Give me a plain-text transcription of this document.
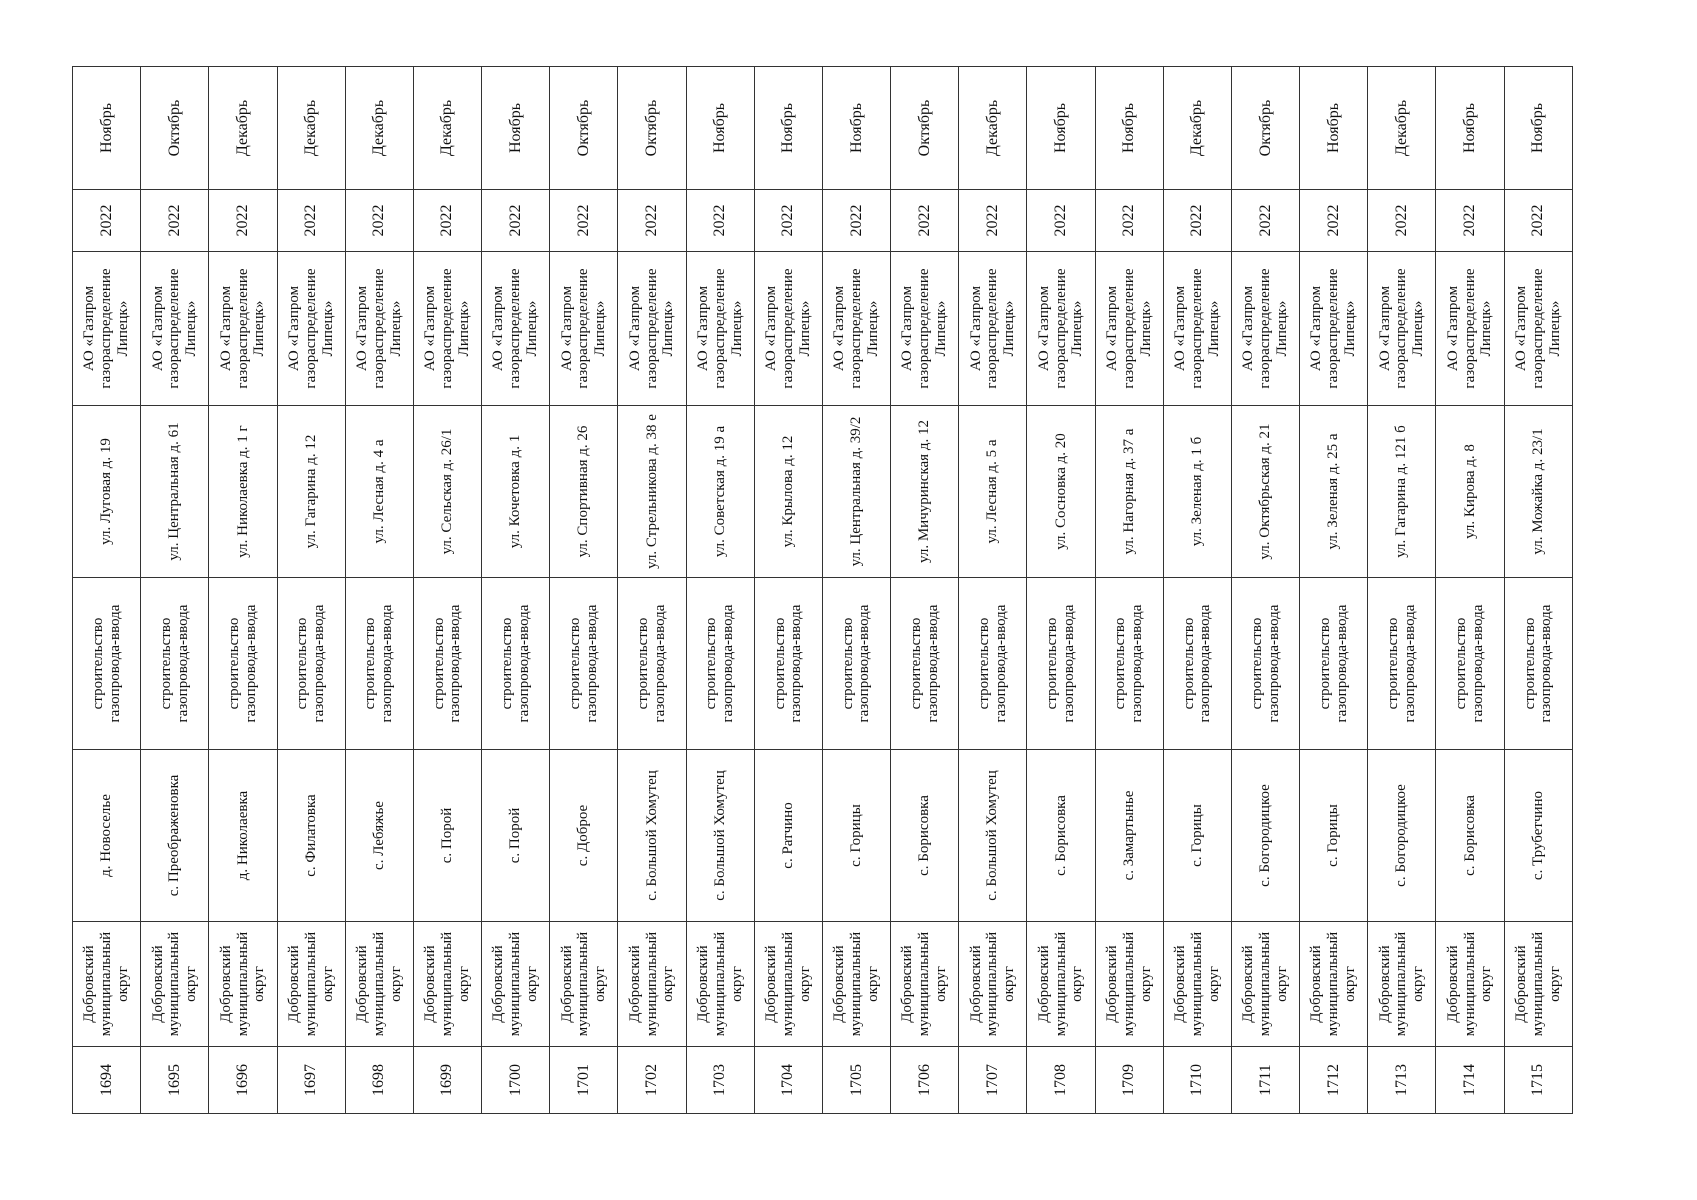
1694	Добровский муниципальный округ	д. Новоселье	строительство газопровода-ввода	ул. Луговая д. 19	АО «Газпром газораспределение Липецк»	2022	Ноябрь
1695	Добровский муниципальный округ	с. Преображеновка	строительство газопровода-ввода	ул. Центральная д. 61	АО «Газпром газораспределение Липецк»	2022	Октябрь
1696	Добровский муниципальный округ	д. Николаевка	строительство газопровода-ввода	ул. Николаевка д. 1 г	АО «Газпром газораспределение Липецк»	2022	Декабрь
1697	Добровский муниципальный округ	с. Филатовка	строительство газопровода-ввода	ул. Гагарина д. 12	АО «Газпром газораспределение Липецк»	2022	Декабрь
1698	Добровский муниципальный округ	с. Лебяжье	строительство газопровода-ввода	ул. Лесная д. 4 а	АО «Газпром газораспределение Липецк»	2022	Декабрь
1699	Добровский муниципальный округ	с. Порой	строительство газопровода-ввода	ул. Сельская д. 26/1	АО «Газпром газораспределение Липецк»	2022	Декабрь
1700	Добровский муниципальный округ	с. Порой	строительство газопровода-ввода	ул. Кочетовка д. 1	АО «Газпром газораспределение Липецк»	2022	Ноябрь
1701	Добровский муниципальный округ	с. Доброе	строительство газопровода-ввода	ул. Спортивная д. 26	АО «Газпром газораспределение Липецк»	2022	Октябрь
1702	Добровский муниципальный округ	с. Большой Хомутец	строительство газопровода-ввода	ул. Стрельникова д. 38 е	АО «Газпром газораспределение Липецк»	2022	Октябрь
1703	Добровский муниципальный округ	с. Большой Хомутец	строительство газопровода-ввода	ул. Советская д. 19 а	АО «Газпром газораспределение Липецк»	2022	Ноябрь
1704	Добровский муниципальный округ	с. Ратчино	строительство газопровода-ввода	ул. Крылова д. 12	АО «Газпром газораспределение Липецк»	2022	Ноябрь
1705	Добровский муниципальный округ	с. Горицы	строительство газопровода-ввода	ул. Центральная д. 39/2	АО «Газпром газораспределение Липецк»	2022	Ноябрь
1706	Добровский муниципальный округ	с. Борисовка	строительство газопровода-ввода	ул. Мичуринская д. 12	АО «Газпром газораспределение Липецк»	2022	Октябрь
1707	Добровский муниципальный округ	с. Большой Хомутец	строительство газопровода-ввода	ул. Лесная д. 5 а	АО «Газпром газораспределение Липецк»	2022	Декабрь
1708	Добровский муниципальный округ	с. Борисовка	строительство газопровода-ввода	ул. Сосновка д. 20	АО «Газпром газораспределение Липецк»	2022	Ноябрь
1709	Добровский муниципальный округ	с. Замартынье	строительство газопровода-ввода	ул. Нагорная д. 37 а	АО «Газпром газораспределение Липецк»	2022	Ноябрь
1710	Добровский муниципальный округ	с. Горицы	строительство газопровода-ввода	ул. Зеленая д. 1 б	АО «Газпром газораспределение Липецк»	2022	Декабрь
1711	Добровский муниципальный округ	с. Богородицкое	строительство газопровода-ввода	ул. Октябрьская д. 21	АО «Газпром газораспределение Липецк»	2022	Октябрь
1712	Добровский муниципальный округ	с. Горицы	строительство газопровода-ввода	ул. Зеленая д. 25 а	АО «Газпром газораспределение Липецк»	2022	Ноябрь
1713	Добровский муниципальный округ	с. Богородицкое	строительство газопровода-ввода	ул. Гагарина д. 121 б	АО «Газпром газораспределение Липецк»	2022	Декабрь
1714	Добровский муниципальный округ	с. Борисовка	строительство газопровода-ввода	ул. Кирова д. 8	АО «Газпром газораспределение Липецк»	2022	Ноябрь
1715	Добровский муниципальный округ	с. Трубетчино	строительство газопровода-ввода	ул. Можайка д. 23/1	АО «Газпром газораспределение Липецк»	2022	Ноябрь
